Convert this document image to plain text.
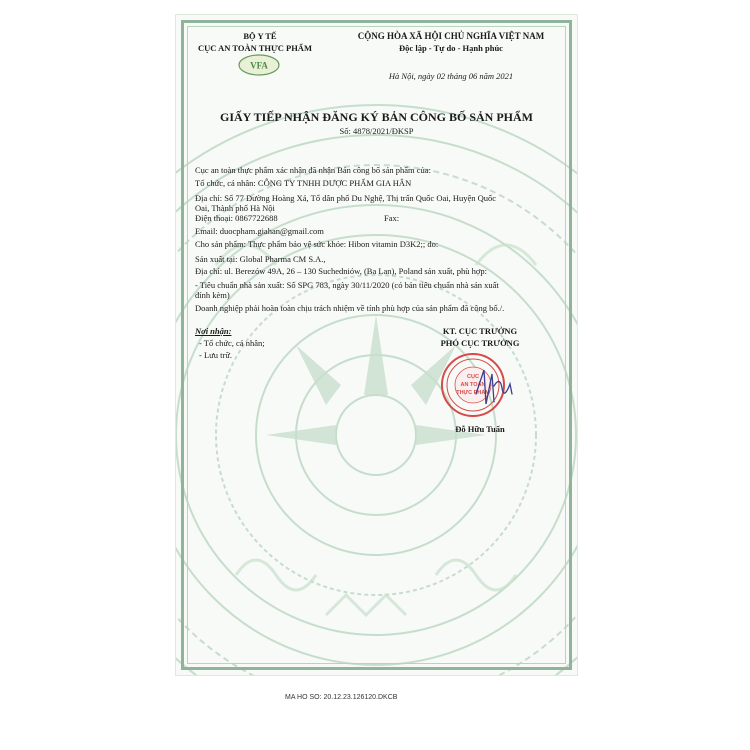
VFA
BỘ Y TẾ
CỤC AN TOÀN THỰC PHẨM
CỘNG HÒA XÃ HỘI CHỦ NGHĨA VIỆT NAM
Độc lập - Tự do - Hạnh phúc
Hà Nội, ngày 02 tháng 06 năm 2021
GIẤY TIẾP NHẬN ĐĂNG KÝ BẢN CÔNG BỐ SẢN PHẨM
Số: 4878/2021/ĐKSP
Cục an toàn thực phẩm xác nhận đã nhận Bản công bố sản phẩm của:
Tổ chức, cá nhân: CÔNG TY TNHH DƯỢC PHẨM GIA HÂN
Địa chỉ: Số 77 Đường Hoàng Xá, Tổ dân phố Du Nghệ, Thị trấn Quốc Oai, Huyện Quốc
Oai, Thành phố Hà Nội
Điện thoại: 0867722688	Fax:
Email: duocpham.giahan@gmail.com
Cho sản phẩm: Thực phẩm bảo vệ sức khỏe: Hibon vitamin D3K2;; do:
Sản xuất tại: Global Pharma CM S.A.,
Địa chỉ: ul. Berezów 49A, 26 – 130 Suchedniów, (Ba Lan), Poland sản xuất, phù hợp:
- Tiêu chuẩn nhà sản xuất: Số SPG 783, ngày 30/11/2020 (có bản tiêu chuẩn nhà sản xuất
đính kèm)
Doanh nghiệp phải hoàn toàn chịu trách nhiệm về tính phù hợp của sản phẩm đã công bố./.
Nơi nhận:
- Tổ chức, cá nhân;
- Lưu trữ.
KT. CỤC TRƯỞNG
PHÓ CỤC TRƯỞNG
CỤC
AN TOÀN
THỰC PHẨM
Đỗ Hữu Tuấn
MA HO SO: 20.12.23.126120.DKCB
